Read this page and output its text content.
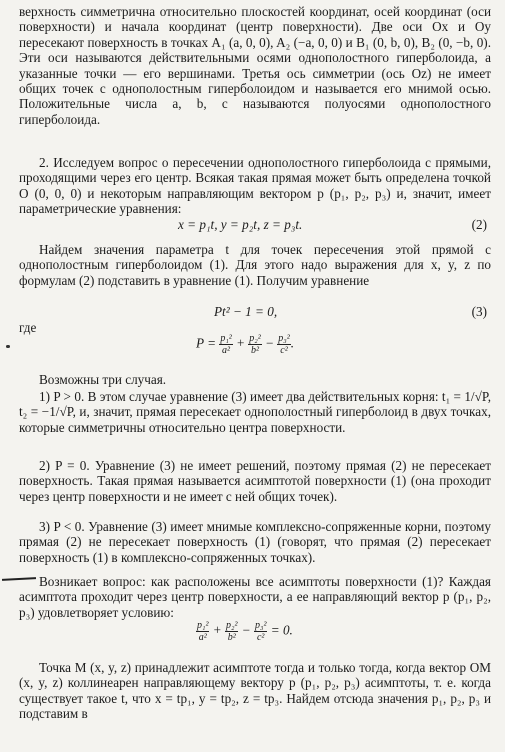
верхность симметрична относительно плоскостей координат, осей координат (оси поверхности) и начала координат (центр поверхности). Две оси Ox и Oy пересекают поверхность в точках A₁ (a, 0, 0), A₂ (−a, 0, 0) и B₁ (0, b, 0), B₂ (0, −b, 0). Эти оси называются действительными осями однополостного гиперболоида, а указанные точки — его вершинами. Третья ось симметрии (ось Oz) не имеет общих точек с однополостным гиперболоидом и называется его мнимой осью. Положительные числа a, b, c называются полуосями однополостного гиперболоида.

2. Исследуем вопрос о пересечении однополостного гиперболоида с прямыми, проходящими через его центр. Всякая такая прямая может быть определена точкой O (0, 0, 0) и некоторым направляющим вектором p (p₁, p₂, p₃) и, значит, имеет параметрические уравнения:

x = p₁t, y = p₂t, z = p₃t.	(2)

Найдем значения параметра t для точек пересечения этой прямой с однополостным гиперболоидом (1). Для этого надо выражения для x, y, z по формулам (2) подставить в уравнение (1). Получим уравнение

Pt² − 1 = 0,	(3)
где
$P = \frac{\text{p₁²}}{\text{a²}} + \frac{\text{p₂²}}{\text{b²}} - \frac{\text{p₃²}}{\text{c²}}$ .

Возможны три случая.

1) P > 0. В этом случае уравнение (3) имеет два действительных корня: t₁ = 1/√P, t₂ = −1/√P, и, значит, прямая пересекает однополостный гиперболоид в двух точках, которые симметричны относительно центра поверхности.

2) P = 0. Уравнение (3) не имеет решений, поэтому прямая (2) не пересекает поверхность. Такая прямая называется асимптотой поверхности (1) (она проходит через центр поверхности и не имеет с ней общих точек).

3) P < 0. Уравнение (3) имеет мнимые комплексно-сопряженные корни, поэтому прямая (2) не пересекает поверхность (1) (говорят, что прямая (2) пересекает поверхность (1) в комплексно-сопряженных точках).

Возникает вопрос: как расположены все асимптоты поверхности (1)? Каждая асимптота проходит через центр поверхности, а ее направляющий вектор p (p₁, p₂, p₃) удовлетворяет условию:

$\frac{\text{p₁²}}{\text{a²}} + \frac{\text{p₂²}}{\text{b²}} - \frac{\text{p₃²}}{\text{c²}} = 0$.

Точка M (x, y, z) принадлежит асимптоте тогда и только тогда, когда вектор OM (x, y, z) коллинеарен направляющему вектору p (p₁, p₂, p₃) асимптоты, т. е. когда существует такое t, что x = tp₁, y = tp₂, z = tp₃. Найдем отсюда значения p₁, p₂, p₃ и подставим в
